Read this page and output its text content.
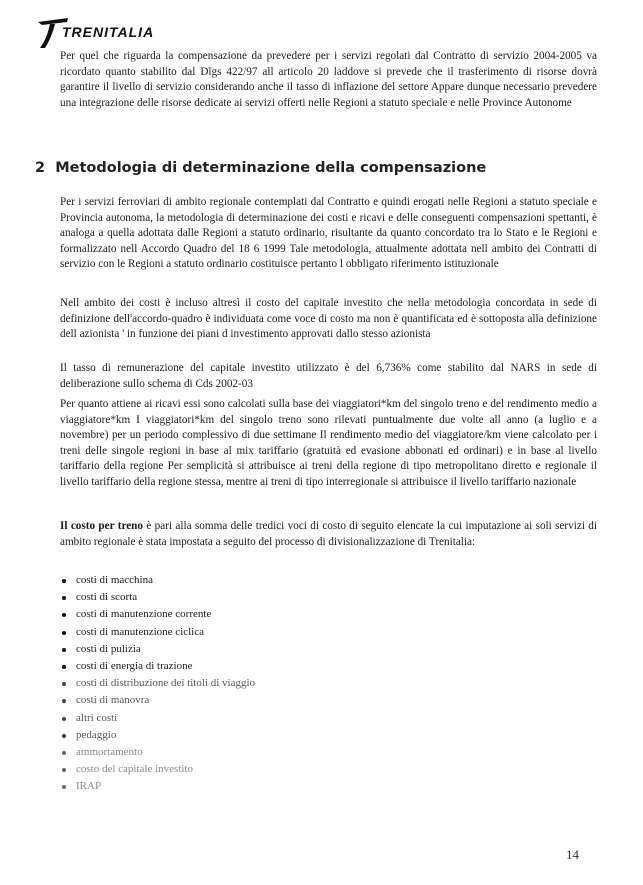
TRENITALIA

Per quel che riguarda la compensazione da prevedere per i servizi regolati dal Contratto di servizio 2004-2005 va ricordato quanto stabilito dal Dlgs 422/97 all articolo 20 laddove si prevede che il trasferimento di risorse dovrà garantire il livello di servizio considerando anche il tasso di inflazione del settore Appare dunque necessario prevedere una integrazione delle risorse dedicate ai servizi offerti nelle Regioni a statuto speciale e nelle Province Autonome

2 Metodologia di determinazione della compensazione

Per i servizi ferroviari di ambito regionale contemplati dal Contratto e quindi erogati nelle Regioni a statuto speciale e Provincia autonoma, la metodologia di determinazione dei costi e ricavi e delle conseguenti compensazioni spettanti, è analoga a quella adottata dalle Regioni a statuto ordinario, risultante da quanto concordato tra lo Stato e le Regioni e formalizzato nell Accordo Quadro del 18 6 1999 Tale metodologia, attualmente adottata nell ambito dei Contratti di servizio con le Regioni a statuto ordinario costituisce pertanto l obbligato riferimento istituzionale

Nell ambito dei costi è incluso altresì il costo del capitale investito che nella metodologia concordata in sede di definizione dell'accordo-quadro è individuata come voce di costo ma non è quantificata ed è sottoposta alla definizione dell azionista ' in funzione dei piani d investimento approvati dallo stesso azionista

Il tasso di remunerazione del capitale investito utilizzato è del 6,736% come stabilito dal NARS in sede di deliberazione sullo schema di Cds 2002-03

Per quanto attiene ai ricavi essi sono calcolati sulla base dei viaggiatori*km del singolo treno e del rendimento medio a viaggiatore*km I viaggiatori*km del singolo treno sono rilevati puntualmente due volte all anno (a luglio e a novembre) per un periodo complessivo di due settimane Il rendimento medio del viaggiatore/km viene calcolato per i treni delle singole regioni in base al mix tariffario (gratuità ed evasione abbonati ed ordinari) e in base al livello tariffario della regione Per semplicità si attribuisce ai treni della regione di tipo metropolitano diretto e regionale il livello tariffario della regione stessa, mentre ai treni di tipo interregionale si attribuisce il livello tariffario nazionale

Il costo per treno è pari alla somma delle tredici voci di costo di seguito elencate la cui imputazione ai soli servizi di ambito regionale è stata impostata a seguito del processo di divisionalizzazione di Trenitalia:

costi di macchina
costi di scorta
costi di manutenzione corrente
costi di manutenzione ciclica
costi di pulizia
costi di energia di trazione
costi di distribuzione dei titoli di viaggio
costi di manovra
altri costi
pedaggio
ammortamento
costo del capitale investito
IRAP
14
